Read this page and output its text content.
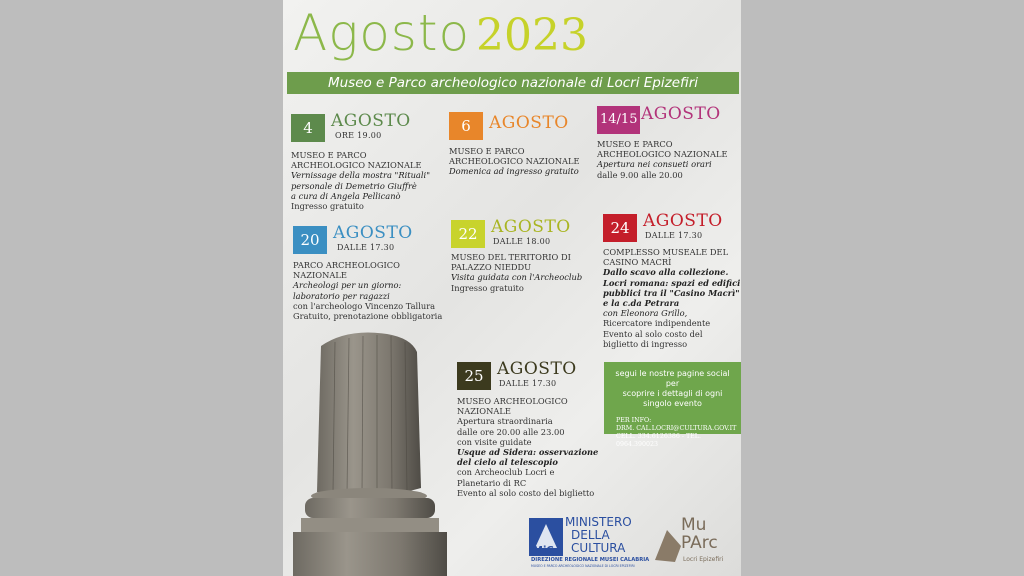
Agosto 2023
Museo e Parco archeologico nazionale di Locri Epizefiri
4	AGOSTO
ORE 19.00
MUSEO E PARCO
ARCHEOLOGICO NAZIONALE
Vernissage della mostra "Rituali"
personale di Demetrio Giuffrè
a cura di Angela Pellicanò
Ingresso gratuito
6	AGOSTO
MUSEO E PARCO
ARCHEOLOGICO NAZIONALE
Domenica ad ingresso gratuito
14/15 AGOSTO
MUSEO E PARCO
ARCHEOLOGICO NAZIONALE
Apertura nei consueti orari
dalle 9.00 alle 20.00
20 AGOSTO
DALLE 17.30
PARCO ARCHEOLOGICO
NAZIONALE
Archeologi per un giorno:
laboratorio per ragazzi
con l'archeologo Vincenzo Tallura
Gratuito, prenotazione obbligatoria
22 AGOSTO
DALLE 18.00
MUSEO DEL TERITORIO DI
PALAZZO NIEDDU
Visita guidata con l'Archeoclub
Ingresso gratuito
24 AGOSTO
DALLE 17.30
COMPLESSO MUSEALE DEL
CASINO MACRÌ
Dallo scavo alla collezione.
Locri romana: spazi ed edifici
pubblici tra il "Casino Macrì"
e la c.da Petrara
con Eleonora Grillo,
Ricercatore indipendente
Evento al solo costo del
biglietto di ingresso
25 AGOSTO
DALLE 17.30
MUSEO ARCHEOLOGICO
NAZIONALE
Apertura straordinaria
dalle ore 20.00 alle 23.00
con visite guidate
Usque ad Sidera: osservazione
del cielo al telescopio
con Archeoclub Locri e
Planetario di RC
Evento al solo costo del biglietto
segui le nostre pagine social per
scoprire i dettagli di ogni
singolo evento
PER INFO:
DRM. CAL.LOCRI@CULTURA.GOV.IT
CELL. 334.6126386 - TEL. 0964.390023
MiC
MINISTERO
DELLA
CULTURA
DIREZIONE REGIONALE MUSEI CALABRIA
MUSEO E PARCO ARCHEOLOGICO NAZIONALE DI LOCRI EPIZEFIRI
Mu
PArc
Locri Epizefiri
